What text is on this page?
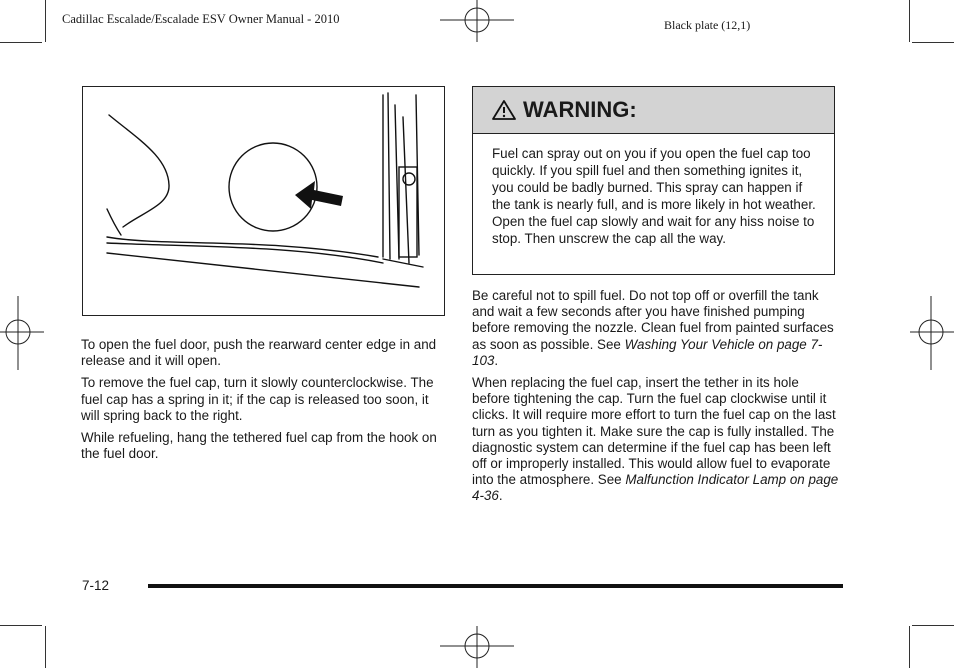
Cadillac Escalade/Escalade ESV Owner Manual - 2010	Black plate (12,1)

To open the fuel door, push the rearward center edge in and release and it will open.

To remove the fuel cap, turn it slowly counterclockwise. The fuel cap has a spring in it; if the cap is released too soon, it will spring back to the right.

While refueling, hang the tethered fuel cap from the hook on the fuel door.

WARNING:
Fuel can spray out on you if you open the fuel cap too quickly. If you spill fuel and then something ignites it, you could be badly burned. This spray can happen if the tank is nearly full, and is more likely in hot weather. Open the fuel cap slowly and wait for any hiss noise to stop. Then unscrew the cap all the way.

Be careful not to spill fuel. Do not top off or overfill the tank and wait a few seconds after you have finished pumping before removing the nozzle. Clean fuel from painted surfaces as soon as possible. See Washing Your Vehicle on page 7-103.

When replacing the fuel cap, insert the tether in its hole before tightening the cap. Turn the fuel cap clockwise until it clicks. It will require more effort to turn the fuel cap on the last turn as you tighten it. Make sure the cap is fully installed. The diagnostic system can determine if the fuel cap has been left off or improperly installed. This would allow fuel to evaporate into the atmosphere. See Malfunction Indicator Lamp on page 4-36.

7-12
